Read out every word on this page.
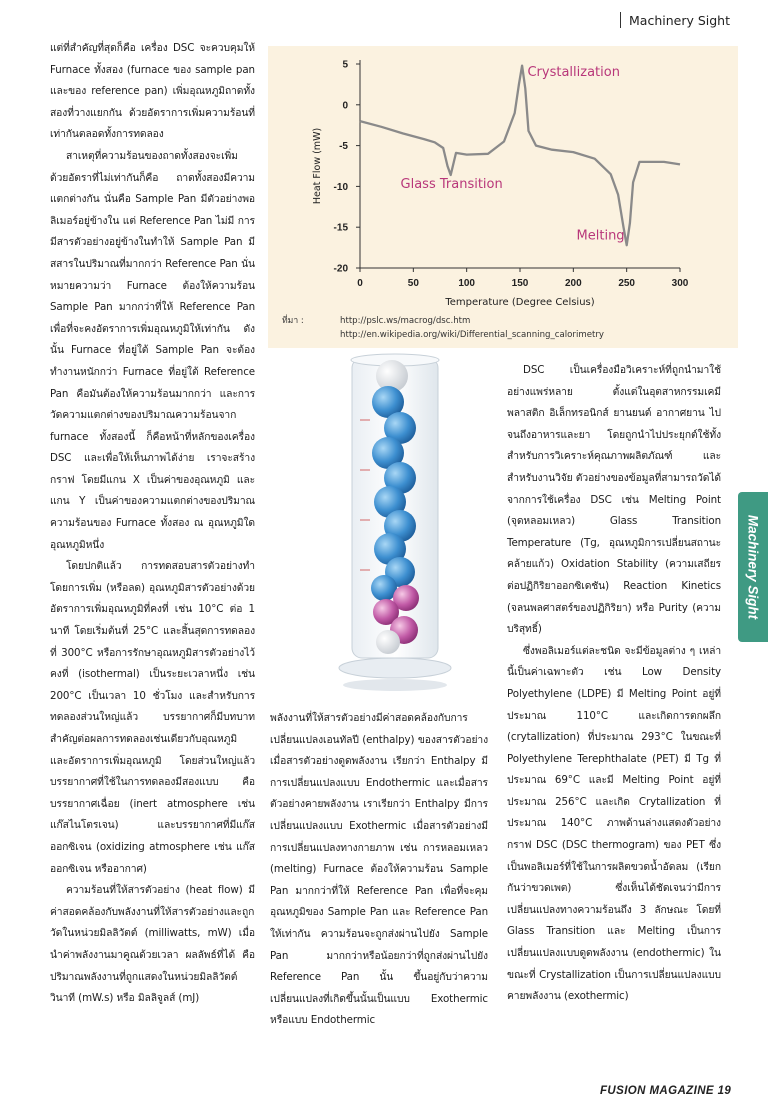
Machinery Sight

แต่ที่สำคัญที่สุดก็คือ เครื่อง DSC จะควบคุมให้ Furnace ทั้งสอง (furnace ของ sample pan และของ reference pan) เพิ่มอุณหภูมิถาดทั้งสองที่วางแยกกัน ด้วยอัตราการเพิ่มความร้อนที่เท่ากันตลอดทั้งการทดลอง

สาเหตุที่ความร้อนของถาดทั้งสองจะเพิ่มด้วยอัตราที่ไม่เท่ากันก็คือ ถาดทั้งสองมีความแตกต่างกัน นั่นคือ Sample Pan มีตัวอย่างพอลิเมอร์อยู่ข้างใน แต่ Reference Pan ไม่มี การมีสารตัวอย่างอยู่ข้างในทำให้ Sample Pan มีสสารในปริมาณที่มากกว่า Reference Pan นั่นหมายความว่า Furnace ต้องให้ความร้อน Sample Pan มากกว่าที่ให้ Reference Pan เพื่อที่จะคงอัตราการเพิ่มอุณหภูมิให้เท่ากัน ดังนั้น Furnace ที่อยู่ใต้ Sample Pan จะต้องทำงานหนักกว่า Furnace ที่อยู่ใต้ Reference Pan คือมันต้องให้ความร้อนมากกว่า และการวัดความแตกต่างของปริมาณความร้อนจาก furnace ทั้งสองนี้ ก็คือหน้าที่หลักของเครื่อง DSC และเพื่อให้เห็นภาพได้ง่าย เราจะสร้างกราฟ โดยมีแกน X เป็นค่าของอุณหภูมิ และแกน Y เป็นค่าของความแตกต่างของปริมาณความร้อนของ Furnace ทั้งสอง ณ อุณหภูมิใดอุณหภูมิหนึ่ง

โดยปกติแล้ว การทดสอบสารตัวอย่างทำโดยการเพิ่ม (หรือลด) อุณหภูมิสารตัวอย่างด้วยอัตราการเพิ่มอุณหภูมิที่คงที่ เช่น 10°C ต่อ 1 นาที โดยเริ่มต้นที่ 25°C และสิ้นสุดการทดลองที่ 300°C หรือการรักษาอุณหภูมิสารตัวอย่างไว้คงที่ (isothermal) เป็นระยะเวลาหนึ่ง เช่น 200°C เป็นเวลา 10 ชั่วโมง และสำหรับการทดลองส่วนใหญ่แล้ว บรรยากาศก็มีบทบาทสำคัญต่อผลการทดลองเช่นเดียวกับอุณหภูมิและอัตราการเพิ่มอุณหภูมิ โดยส่วนใหญ่แล้วบรรยากาศที่ใช้ในการทดลองมีสองแบบ คือ บรรยากาศเฉื่อย (inert atmosphere เช่น แก๊สไนโตรเจน) และบรรยากาศที่มีแก๊สออกซิเจน (oxidizing atmosphere เช่น แก๊สออกซิเจน หรืออากาศ)

ความร้อนที่ให้สารตัวอย่าง (heat flow) มีค่าสอดคล้องกับพลังงานที่ให้สารตัวอย่างและถูกวัดในหน่วยมิลลิวัตต์ (milliwatts, mW) เมื่อนำค่าพลังงานมาคูณด้วยเวลา ผลลัพธ์ที่ได้ คือ ปริมาณพลังงานที่ถูกแสดงในหน่วยมิลลิวัตต์วินาที (mW.s) หรือ มิลลิจูลส์ (mJ)

0	50	100	150	200	250	300
5
0
-5
-10
-15
-20
Temperature (Degree Celsius)
Heat Flow (mW)
Crystallization
Glass Transition
Melting
ที่มา :	http://pslc.ws/macrog/dsc.htm
http://en.wikipedia.org/wiki/Differential_scanning_calorimetry

พลังงานที่ให้สารตัวอย่างมีค่าสอดคล้องกับการเปลี่ยนแปลงเอนทัลปี (enthalpy) ของสารตัวอย่าง เมื่อสารตัวอย่างดูดพลังงาน เรียกว่า Enthalpy มีการเปลี่ยนแปลงแบบ Endothermic และเมื่อสารตัวอย่างคายพลังงาน เราเรียกว่า Enthalpy มีการเปลี่ยนแปลงแบบ Exothermic เมื่อสารตัวอย่างมีการเปลี่ยนแปลงทางกายภาพ เช่น การหลอมเหลว (melting) Furnace ต้องให้ความร้อน Sample Pan มากกว่าที่ให้ Reference Pan เพื่อที่จะคุมอุณหภูมิของ Sample Pan และ Reference Pan ให้เท่ากัน ความร้อนจะถูกส่งผ่านไปยัง Sample Pan มากกว่าหรือน้อยกว่าที่ถูกส่งผ่านไปยัง Reference Pan นั้น ขึ้นอยู่กับว่าความเปลี่ยนแปลงที่เกิดขึ้นนั้นเป็นแบบ Exothermic หรือแบบ Endothermic

DSC เป็นเครื่องมือวิเคราะห์ที่ถูกนำมาใช้อย่างแพร่หลาย ตั้งแต่ในอุตสาหกรรมเคมี พลาสติก อิเล็กทรอนิกส์ ยานยนต์ อากาศยาน ไปจนถึงอาหารและยา โดยถูกนำไปประยุกต์ใช้ทั้งสำหรับการวิเคราะห์คุณภาพผลิตภัณฑ์ และสำหรับงานวิจัย ตัวอย่างของข้อมูลที่สามารถวัดได้จากการใช้เครื่อง DSC เช่น Melting Point (จุดหลอมเหลว) Glass Transition Temperature (Tg, อุณหภูมิการเปลี่ยนสถานะคล้ายแก้ว) Oxidation Stability (ความเสถียรต่อปฏิกิริยาออกซิเดชัน) Reaction Kinetics (จลนพลศาสตร์ของปฏิกิริยา) หรือ Purity (ความบริสุทธิ์)

ซึ่งพอลิเมอร์แต่ละชนิด จะมีข้อมูลต่าง ๆ เหล่านี้เป็นค่าเฉพาะตัว เช่น Low Density Polyethylene (LDPE) มี Melting Point อยู่ที่ประมาณ 110°C และเกิดการตกผลึก (crytallization) ที่ประมาณ 293°C ในขณะที่ Polyethylene Terephthalate (PET) มี Tg ที่ประมาณ 69°C และมี Melting Point อยู่ที่ประมาณ 256°C และเกิด Crytallization ที่ประมาณ 140°C ภาพด้านล่างแสดงตัวอย่างกราฟ DSC (DSC thermogram) ของ PET ซึ่งเป็นพอลิเมอร์ที่ใช้ในการผลิตขวดน้ำอัดลม (เรียกกันว่าขวดเพต) ซึ่งเห็นได้ชัดเจนว่ามีการเปลี่ยนแปลงทางความร้อนถึง 3 ลักษณะ โดยที่ Glass Transition และ Melting เป็นการเปลี่ยนแปลงแบบดูดพลังงาน (endothermic) ในขณะที่ Crystallization เป็นการเปลี่ยนแปลงแบบคายพลังงาน (exothermic)

Machinery Sight
FUSION MAGAZINE 19
